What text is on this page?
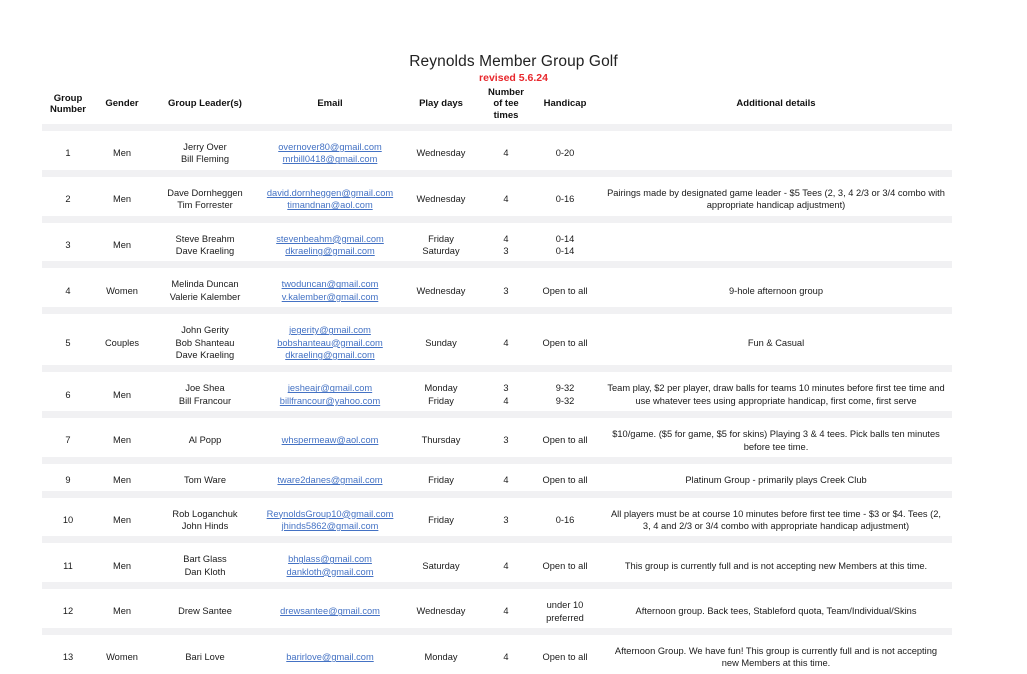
Reynolds Member Group Golf
revised 5.6.24
Group
Number	Gender	Group Leader(s)	Email	Play days	Number
of tee
times	Handicap	Additional details

1	Men	Jerry Over
Bill Fleming	overnover80@gmail.com
mrbill0418@gmail.com	Wednesday	4	0-20	

2	Men	Dave Dornheggen
Tim Forrester	david.dornheggen@gmail.com
timandnan@aol.com	Wednesday	4	0-16	Pairings made by designated game leader - $5 Tees (2, 3, 4 2/3 or 3/4 combo with appropriate handicap adjustment)

3	Men	Steve Breahm
Dave Kraeling	stevenbeahm@gmail.com
dkraeling@gmail.com	Friday
Saturday	4
3	0-14
0-14	

4	Women	Melinda Duncan
Valerie Kalember	twoduncan@gmail.com
v.kalember@gmail.com	Wednesday	3	Open to all	9-hole afternoon group

5	Couples	John Gerity
Bob Shanteau
Dave Kraeling	jegerity@gmail.com
bobshanteau@gmail.com
dkraeling@gmail.com	Sunday	4	Open to all	Fun & Casual

6	Men	Joe Shea
Bill Francour	jesheajr@gmail.com
billfrancour@yahoo.com	Monday
Friday	3
4	9-32
9-32	Team play, $2 per player, draw balls for teams 10 minutes before first tee time and use whatever tees using appropriate handicap, first come, first serve

7	Men	Al Popp	whspermeaw@aol.com	Thursday	3	Open to all	$10/game. ($5 for game, $5 for skins) Playing 3 & 4 tees. Pick balls ten minutes before tee time.

9	Men	Tom Ware	tware2danes@gmail.com	Friday	4	Open to all	Platinum Group - primarily plays Creek Club

10	Men	Rob Loganchuk
John Hinds	ReynoldsGroup10@gmail.com
jhinds5862@gmail.com	Friday	3	0-16	All players must be at course 10 minutes before first tee time - $3 or $4. Tees (2, 3, 4 and 2/3 or 3/4 combo with appropriate handicap adjustment)

11	Men	Bart Glass
Dan Kloth	bhglass@gmail.com
dankloth@gmail.com	Saturday	4	Open to all	This group is currently full and is not accepting new Members at this time.

12	Men	Drew Santee	drewsantee@gmail.com	Wednesday	4	under 10
preferred	Afternoon group. Back tees, Stableford quota, Team/Individual/Skins

13	Women	Bari Love	barirlove@gmail.com	Monday	4	Open to all	Afternoon Group. We have fun! This group is currently full and is not accepting new Members at this time.
